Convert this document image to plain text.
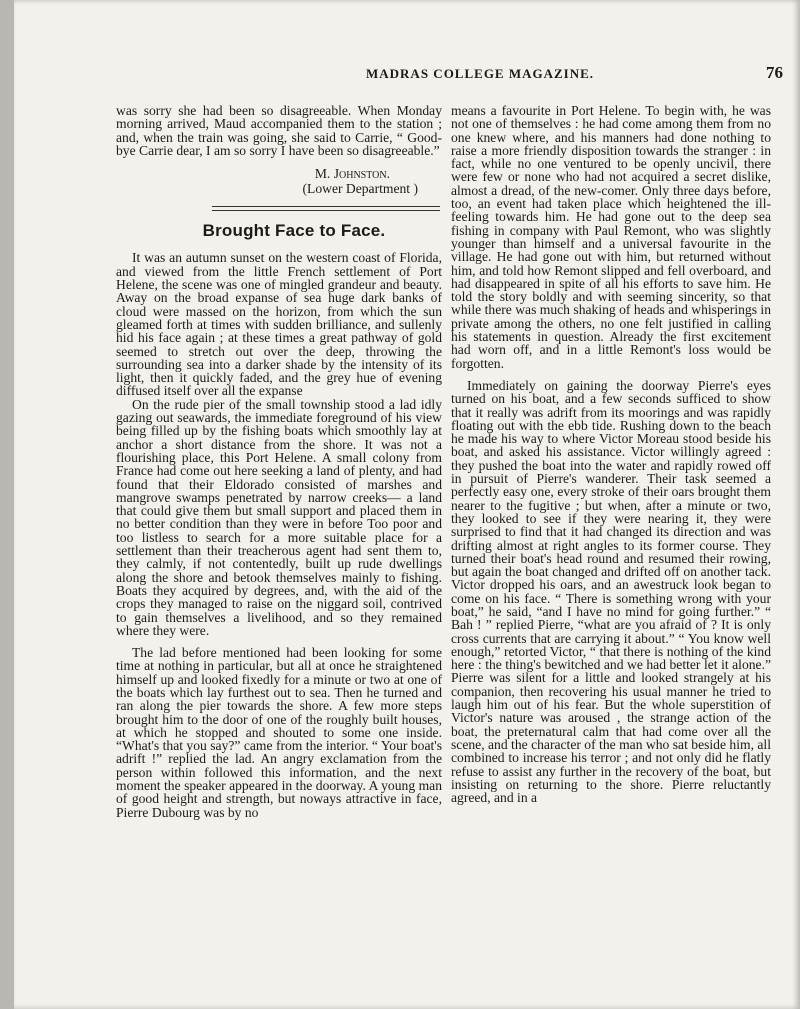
MADRAS COLLEGE MAGAZINE.	76

was sorry she had been so disagreeable. When Monday morning arrived, Maud accompanied them to the station ; and, when the train was going, she said to Carrie, “ Good-bye Carrie dear, I am so sorry I have been so disagreeable.”

M. Johnston.
(Lower Department )
Brought Face to Face.

It was an autumn sunset on the western coast of Florida, and viewed from the little French settlement of Port Helene, the scene was one of mingled grandeur and beauty. Away on the broad expanse of sea huge dark banks of cloud were massed on the horizon, from which the sun gleamed forth at times with sudden brilliance, and sullenly hid his face again ; at these times a great pathway of gold seemed to stretch out over the deep, throwing the surrounding sea into a darker shade by the intensity of its light, then it quickly faded, and the grey hue of evening diffused itself over all the expanse

On the rude pier of the small township stood a lad idly gazing out seawards, the immediate foreground of his view being filled up by the fishing boats which smoothly lay at anchor a short distance from the shore. It was not a flourishing place, this Port Helene. A small colony from France had come out here seeking a land of plenty, and had found that their Eldorado consisted of marshes and mangrove swamps penetrated by narrow creeks— a land that could give them but small support and placed them in no better condition than they were in before Too poor and too listless to search for a more suitable place for a settlement than their treacherous agent had sent them to, they calmly, if not contentedly, built up rude dwellings along the shore and betook themselves mainly to fishing. Boats they acquired by degrees, and, with the aid of the crops they managed to raise on the niggard soil, contrived to gain themselves a livelihood, and so they remained where they were.

The lad before mentioned had been looking for some time at nothing in particular, but all at once he straightened himself up and looked fixedly for a minute or two at one of the boats which lay furthest out to sea. Then he turned and ran along the pier towards the shore. A few more steps brought him to the door of one of the roughly built houses, at which he stopped and shouted to some one inside. “What's that you say?” came from the interior. “ Your boat's adrift !” replied the lad. An angry exclamation from the person within followed this information, and the next moment the speaker appeared in the doorway. A young man of good height and strength, but noways attractive in face, Pierre Dubourg was by no

means a favourite in Port Helene. To begin with, he was not one of themselves : he had come among them from no one knew where, and his manners had done nothing to raise a more friendly disposition towards the stranger : in fact, while no one ventured to be openly uncivil, there were few or none who had not acquired a secret dislike, almost a dread, of the new-comer. Only three days before, too, an event had taken place which heightened the ill-feeling towards him. He had gone out to the deep sea fishing in company with Paul Remont, who was slightly younger than himself and a universal favourite in the village. He had gone out with him, but returned without him, and told how Remont slipped and fell overboard, and had disappeared in spite of all his efforts to save him. He told the story boldly and with seeming sincerity, so that while there was much shaking of heads and whisperings in private among the others, no one felt justified in calling his statements in question. Already the first excitement had worn off, and in a little Remont's loss would be forgotten.

Immediately on gaining the doorway Pierre's eyes turned on his boat, and a few seconds sufficed to show that it really was adrift from its moorings and was rapidly floating out with the ebb tide. Rushing down to the beach he made his way to where Victor Moreau stood beside his boat, and asked his assistance. Victor willingly agreed : they pushed the boat into the water and rapidly rowed off in pursuit of Pierre's wanderer. Their task seemed a perfectly easy one, every stroke of their oars brought them nearer to the fugitive ; but when, after a minute or two, they looked to see if they were nearing it, they were surprised to find that it had changed its direction and was drifting almost at right angles to its former course. They turned their boat's head round and resumed their rowing, but again the boat changed and drifted off on another tack. Victor dropped his oars, and an awestruck look began to come on his face. “ There is something wrong with your boat,” he said, “and I have no mind for going further.” “ Bah ! ” replied Pierre, “what are you afraid of ? It is only cross currents that are carrying it about.” “ You know well enough,” retorted Victor, “ that there is nothing of the kind here : the thing's bewitched and we had better let it alone.” Pierre was silent for a little and looked strangely at his companion, then recovering his usual manner he tried to laugh him out of his fear. But the whole superstition of Victor's nature was aroused , the strange action of the boat, the preternatural calm that had come over all the scene, and the character of the man who sat beside him, all combined to increase his terror ; and not only did he flatly refuse to assist any further in the recovery of the boat, but insisting on returning to the shore. Pierre reluctantly agreed, and in a
